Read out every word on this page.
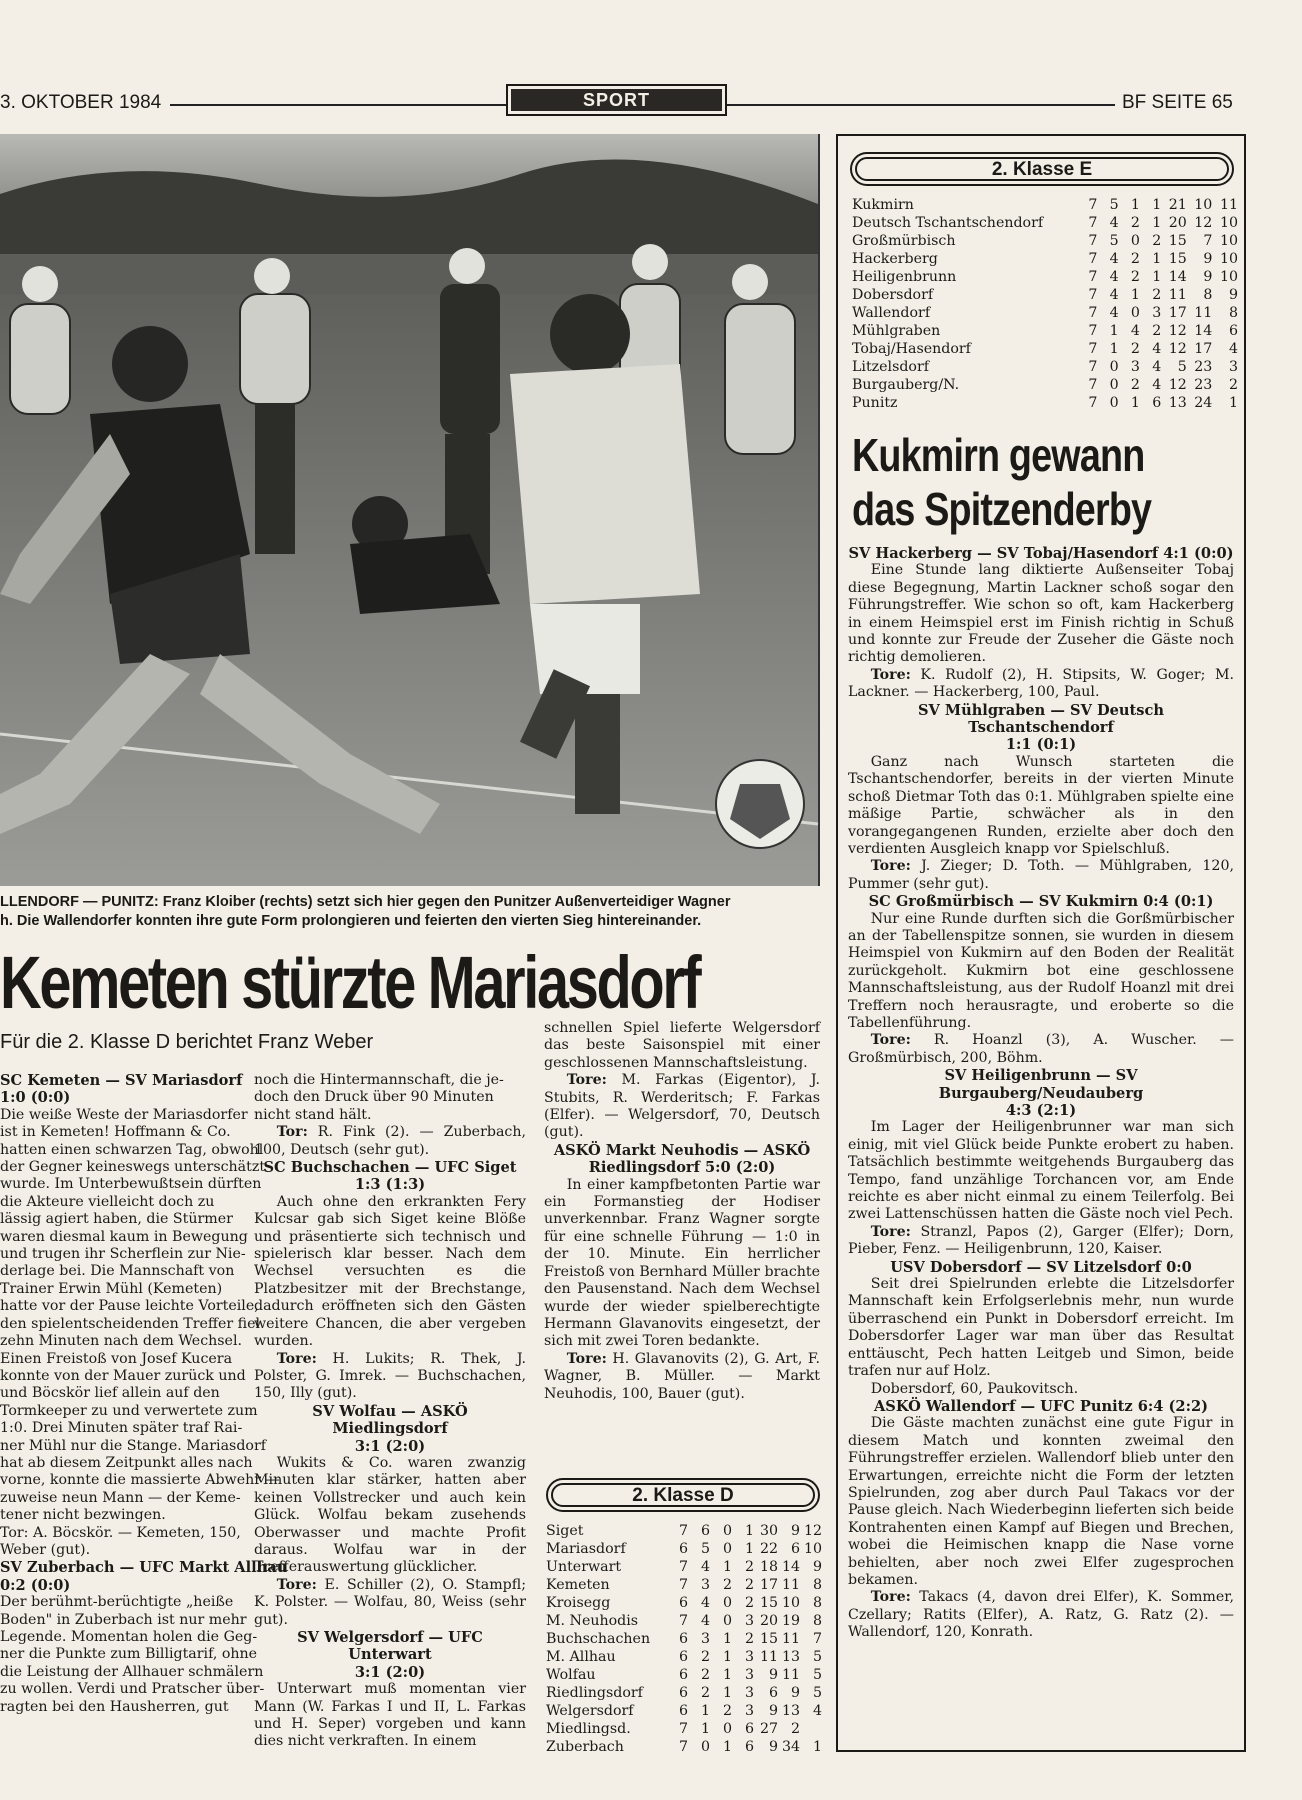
3. OKTOBER 1984	SPORT	BF SEITE 65
LLENDORF — PUNITZ: Franz Kloiber (rechts) setzt sich hier gegen den Punitzer Außenverteidiger Wagner
h. Die Wallendorfer konnten ihre gute Form prolongieren und feierten den vierten Sieg hintereinander.
Kemeten stürzte Mariasdorf
Für die 2. Klasse D berichtet Franz Weber
SC Kemeten — SV Mariasdorf
1:0 (0:0)
Die weiße Weste der Mariasdorfer
ist in Kemeten! Hoffmann & Co.
hatten einen schwarzen Tag, obwohl
der Gegner keineswegs unterschätzt
wurde. Im Unterbewußtsein dürften
die Akteure vielleicht doch zu
lässig agiert haben, die Stürmer
waren diesmal kaum in Bewegung
und trugen ihr Scherflein zur Nie-
derlage bei. Die Mannschaft von
Trainer Erwin Mühl (Kemeten)
hatte vor der Pause leichte Vorteile,
den spielentscheidenden Treffer fiel
zehn Minuten nach dem Wechsel.
Einen Freistoß von Josef Kucera
konnte von der Mauer zurück und
und Böcskör lief allein auf den
Tormkeeper zu und verwertete zum
1:0. Drei Minuten später traf Rai-
ner Mühl nur die Stange. Mariasdorf
hat ab diesem Zeitpunkt alles nach
vorne, konnte die massierte Abwehr —
zuweise neun Mann — der Keme-
tener nicht bezwingen.
Tor: A. Böcskör. — Kemeten, 150,
Weber (gut).
SV Zuberbach — UFC Markt Allhau
0:2 (0:0)
Der berühmt-berüchtigte „heiße
Boden" in Zuberbach ist nur mehr
Legende. Momentan holen die Geg-
ner die Punkte zum Billigtarif, ohne
die Leistung der Allhauer schmälern
zu wollen. Verdi und Pratscher über-
ragten bei den Hausherren, gut
noch die Hintermannschaft, die je-
doch den Druck über 90 Minuten
nicht stand hält.
Tor: R. Fink (2). — Zuberbach, 100, Deutsch (sehr gut).
SC Buchschachen — UFC Siget
1:3 (1:3)
Auch ohne den erkrankten Fery Kulcsar gab sich Siget keine Blöße und präsentierte sich technisch und spielerisch klar besser. Nach dem Wechsel versuchten es die Platzbesitzer mit der Brechstange, dadurch eröffneten sich den Gästen weitere Chancen, die aber vergeben wurden.
Tore: H. Lukits; R. Thek, J. Polster, G. Imrek. — Buchschachen, 150, Illy (gut).
SV Wolfau — ASKÖ Miedlingsdorf
3:1 (2:0)
Wukits & Co. waren zwanzig Minuten klar stärker, hatten aber keinen Vollstrecker und auch kein Glück. Wolfau bekam zusehends Oberwasser und machte Profit daraus. Wolfau war in der Trefferauswertung glücklicher.
Tore: E. Schiller (2), O. Stampfl; K. Polster. — Wolfau, 80, Weiss (sehr gut).
SV Welgersdorf — UFC Unterwart
3:1 (2:0)
Unterwart muß momentan vier Mann (W. Farkas I und II, L. Farkas und H. Seper) vorgeben und kann dies nicht verkraften. In einem
schnellen Spiel lieferte Welgersdorf das beste Saisonspiel mit einer geschlossenen Mannschaftsleistung.
Tore: M. Farkas (Eigentor), J. Stubits, R. Werderitsch; F. Farkas (Elfer). — Welgersdorf, 70, Deutsch (gut).
ASKÖ Markt Neuhodis — ASKÖ
Riedlingsdorf 5:0 (2:0)
In einer kampfbetonten Partie war ein Formanstieg der Hodiser unverkennbar. Franz Wagner sorgte für eine schnelle Führung — 1:0 in der 10. Minute. Ein herrlicher Freistoß von Bernhard Müller brachte den Pausenstand. Nach dem Wechsel wurde der wieder spielberechtigte Hermann Glavanovits eingesetzt, der sich mit zwei Toren bedankte.
Tore: H. Glavanovits (2), G. Art, F. Wagner, B. Müller. — Markt Neuhodis, 100, Bauer (gut).
2. Klasse D
Siget	7	6	0	1	30	9	12
Mariasdorf	6	5	0	1	22	6	10
Unterwart	7	4	1	2	18	14	9
Kemeten	7	3	2	2	17	11	8
Kroisegg	6	4	0	2	15	10	8
M. Neuhodis	7	4	0	3	20	19	8
Buchschachen	6	3	1	2	15	11	7
M. Allhau	6	2	1	3	11	13	5
Wolfau	6	2	1	3	9	11	5
Riedlingsdorf	6	2	1	3	6	9	5
Welgersdorf	6	1	2	3	9	13	4
Miedlingsd.	7	1	0	6	27	2	
Zuberbach	7	0	1	6	9	34	1
2. Klasse E
Kukmirn	7	5	1	1	21	10	11
Deutsch Tschantschendorf	7	4	2	1	20	12	10
Großmürbisch	7	5	0	2	15	7	10
Hackerberg	7	4	2	1	15	9	10
Heiligenbrunn	7	4	2	1	14	9	10
Dobersdorf	7	4	1	2	11	8	9
Wallendorf	7	4	0	3	17	11	8
Mühlgraben	7	1	4	2	12	14	6
Tobaj/Hasendorf	7	1	2	4	12	17	4
Litzelsdorf	7	0	3	4	5	23	3
Burgauberg/N.	7	0	2	4	12	23	2
Punitz	7	0	1	6	13	24	1
Kukmirn gewann
das Spitzenderby
SV Hackerberg — SV Tobaj/Hasendorf 4:1 (0:0)
Eine Stunde lang diktierte Außenseiter Tobaj diese Begegnung, Martin Lackner schoß sogar den Führungstreffer. Wie schon so oft, kam Hackerberg in einem Heimspiel erst im Finish richtig in Schuß und konnte zur Freude der Zuseher die Gäste noch richtig demolieren.
Tore: K. Rudolf (2), H. Stipsits, W. Goger; M. Lackner. — Hackerberg, 100, Paul.
SV Mühlgraben — SV Deutsch Tschantschendorf
1:1 (0:1)
Ganz nach Wunsch starteten die Tschantschendorfer, bereits in der vierten Minute schoß Dietmar Toth das 0:1. Mühlgraben spielte eine mäßige Partie, schwächer als in den vorangegangenen Runden, erzielte aber doch den verdienten Ausgleich knapp vor Spielschluß.
Tore: J. Zieger; D. Toth. — Mühlgraben, 120, Pummer (sehr gut).
SC Großmürbisch — SV Kukmirn 0:4 (0:1)
Nur eine Runde durften sich die Gorßmürbischer an der Tabellenspitze sonnen, sie wurden in diesem Heimspiel von Kukmirn auf den Boden der Realität zurückgeholt. Kukmirn bot eine geschlossene Mannschaftsleistung, aus der Rudolf Hoanzl mit drei Treffern noch herausragte, und eroberte so die Tabellenführung.
Tore: R. Hoanzl (3), A. Wuscher. — Großmürbisch, 200, Böhm.
SV Heiligenbrunn — SV Burgauberg/Neudauberg
4:3 (2:1)
Im Lager der Heiligenbrunner war man sich einig, mit viel Glück beide Punkte erobert zu haben. Tatsächlich bestimmte weitgehends Burgauberg das Tempo, fand unzählige Torchancen vor, am Ende reichte es aber nicht einmal zu einem Teilerfolg. Bei zwei Lattenschüssen hatten die Gäste noch viel Pech.
Tore: Stranzl, Papos (2), Garger (Elfer); Dorn, Pieber, Fenz. — Heiligenbrunn, 120, Kaiser.
USV Dobersdorf — SV Litzelsdorf 0:0
Seit drei Spielrunden erlebte die Litzelsdorfer Mannschaft kein Erfolgserlebnis mehr, nun wurde überraschend ein Punkt in Dobersdorf erreicht. Im Dobersdorfer Lager war man über das Resultat enttäuscht, Pech hatten Leitgeb und Simon, beide trafen nur auf Holz.
Dobersdorf, 60, Paukovitsch.
ASKÖ Wallendorf — UFC Punitz 6:4 (2:2)
Die Gäste machten zunächst eine gute Figur in diesem Match und konnten zweimal den Führungstreffer erzielen. Wallendorf blieb unter den Erwartungen, erreichte nicht die Form der letzten Spielrunden, zog aber durch Paul Takacs vor der Pause gleich. Nach Wiederbeginn lieferten sich beide Kontrahenten einen Kampf auf Biegen und Brechen, wobei die Heimischen knapp die Nase vorne behielten, aber noch zwei Elfer zugesprochen bekamen.
Tore: Takacs (4, davon drei Elfer), K. Sommer, Czellary; Ratits (Elfer), A. Ratz, G. Ratz (2). — Wallendorf, 120, Konrath.
